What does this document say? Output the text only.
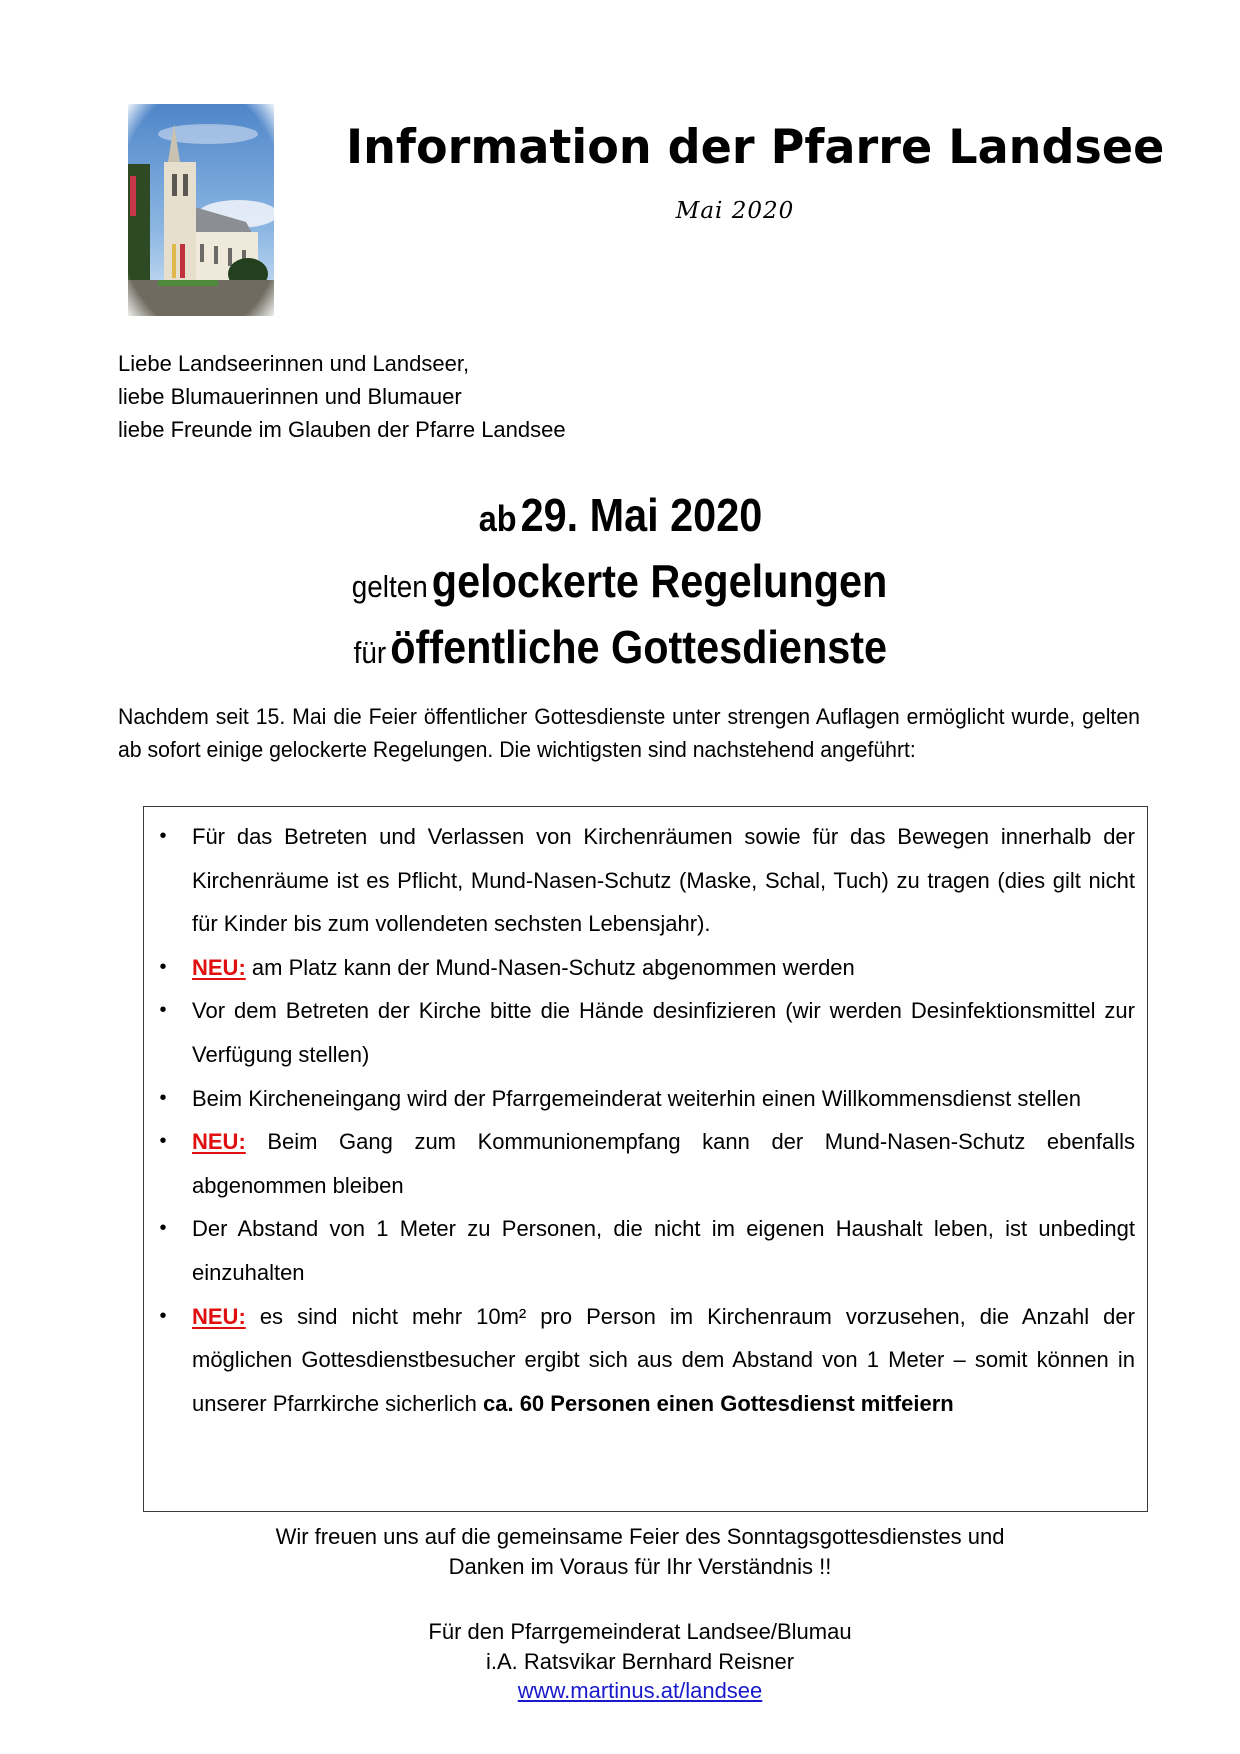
Information der Pfarre Landsee
Mai 2020
Liebe Landseerinnen und Landseer,
liebe Blumauerinnen und Blumauer
liebe Freunde im Glauben der Pfarre Landsee
ab 29. Mai 2020
gelten gelockerte Regelungen
für öffentliche Gottesdienste
Nachdem seit 15. Mai die Feier öffentlicher Gottesdienste unter strengen Auflagen ermöglicht wurde, gelten ab sofort einige gelockerte Regelungen. Die wichtigsten sind nachstehend angeführt:
• Für das Betreten und Verlassen von Kirchenräumen sowie für das Bewegen innerhalb der Kirchenräume ist es Pflicht, Mund-Nasen-Schutz (Maske, Schal, Tuch) zu tragen (dies gilt nicht für Kinder bis zum vollendeten sechsten Lebensjahr).
• NEU: am Platz kann der Mund-Nasen-Schutz abgenommen werden
• Vor dem Betreten der Kirche bitte die Hände desinfizieren (wir werden Desinfektionsmittel zur Verfügung stellen)
• Beim Kircheneingang wird der Pfarrgemeinderat weiterhin einen Willkommensdienst stellen
• NEU: Beim Gang zum Kommunionempfang kann der Mund-Nasen-Schutz ebenfalls abgenommen bleiben
• Der Abstand von 1 Meter zu Personen, die nicht im eigenen Haushalt leben, ist unbedingt einzuhalten
• NEU: es sind nicht mehr 10m² pro Person im Kirchenraum vorzusehen, die Anzahl der möglichen Gottesdienstbesucher ergibt sich aus dem Abstand von 1 Meter – somit können in unserer Pfarrkirche sicherlich ca. 60 Personen einen Gottesdienst mitfeiern
Wir freuen uns auf die gemeinsame Feier des Sonntagsgottesdienstes und
Danken im Voraus für Ihr Verständnis !!
Für den Pfarrgemeinderat Landsee/Blumau
i.A. Ratsvikar Bernhard Reisner
www.martinus.at/landsee
